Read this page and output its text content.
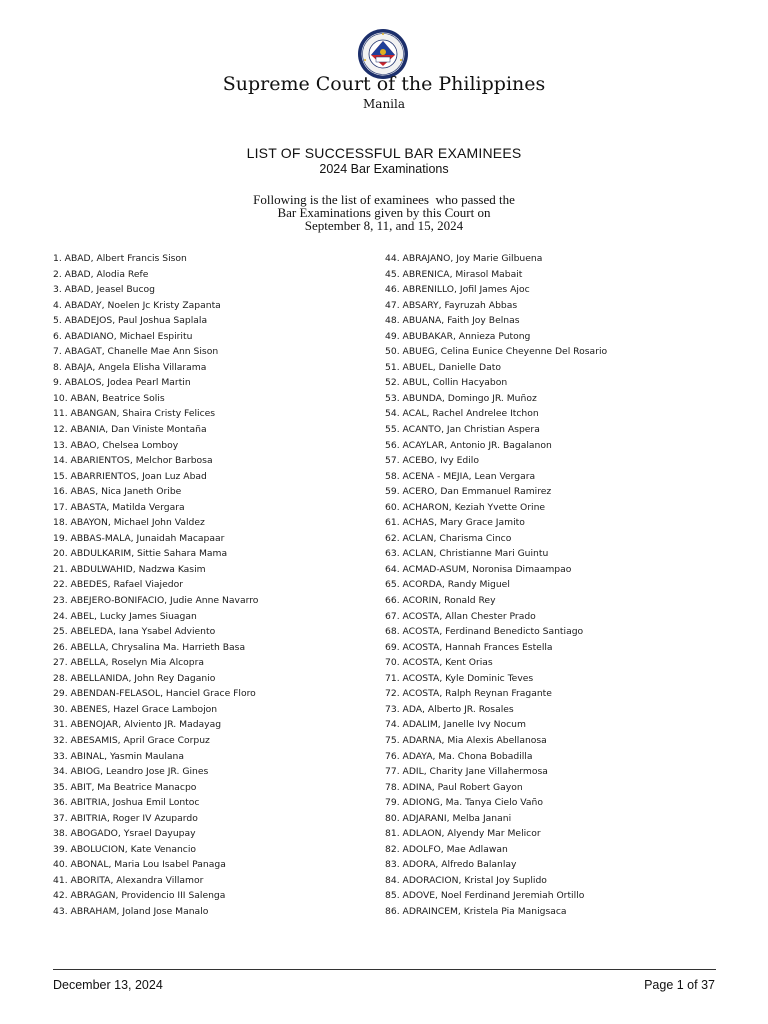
Supreme Court of the Philippines
Manila
LIST OF SUCCESSFUL BAR EXAMINEES
2024 Bar Examinations
Following is the list of examinees  who passed the
Bar Examinations given by this Court on
September 8, 11, and 15, 2024
1. ABAD, Albert Francis Sison
2. ABAD, Alodia Refe
3. ABAD, Jeasel Bucog
4. ABADAY, Noelen Jc Kristy Zapanta
5. ABADEJOS, Paul Joshua Saplala
6. ABADIANO, Michael Espiritu
7. ABAGAT, Chanelle Mae Ann Sison
8. ABAJA, Angela Elisha Villarama
9. ABALOS, Jodea Pearl Martin
10. ABAN, Beatrice Solis
11. ABANGAN, Shaira Cristy Felices
12. ABANIA, Dan Viniste Montaña
13. ABAO, Chelsea Lomboy
14. ABARIENTOS, Melchor Barbosa
15. ABARRIENTOS, Joan Luz Abad
16. ABAS, Nica Janeth Oribe
17. ABASTA, Matilda Vergara
18. ABAYON, Michael John Valdez
19. ABBAS-MALA, Junaidah Macapaar
20. ABDULKARIM, Sittie Sahara Mama
21. ABDULWAHID, Nadzwa Kasim
22. ABEDES, Rafael Viajedor
23. ABEJERO-BONIFACIO, Judie Anne Navarro
24. ABEL, Lucky James Siuagan
25. ABELEDA, Iana Ysabel Adviento
26. ABELLA, Chrysalina Ma. Harrieth Basa
27. ABELLA, Roselyn Mia Alcopra
28. ABELLANIDA, John Rey Daganio
29. ABENDAN-FELASOL, Hanciel Grace Floro
30. ABENES, Hazel Grace Lambojon
31. ABENOJAR, Alviento JR. Madayag
32. ABESAMIS, April Grace Corpuz
33. ABINAL, Yasmin Maulana
34. ABIOG, Leandro Jose JR. Gines
35. ABIT, Ma Beatrice Manacpo
36. ABITRIA, Joshua Emil Lontoc
37. ABITRIA, Roger IV Azupardo
38. ABOGADO, Ysrael Dayupay
39. ABOLUCION, Kate Venancio
40. ABONAL, Maria Lou Isabel Panaga
41. ABORITA, Alexandra Villamor
42. ABRAGAN, Providencio III Salenga
43. ABRAHAM, Joland Jose Manalo
44. ABRAJANO, Joy Marie Gilbuena
45. ABRENICA, Mirasol Mabait
46. ABRENILLO, Jofil James Ajoc
47. ABSARY, Fayruzah Abbas
48. ABUANA, Faith Joy Belnas
49. ABUBAKAR, Annieza Putong
50. ABUEG, Celina Eunice Cheyenne Del Rosario
51. ABUEL, Danielle Dato
52. ABUL, Collin Hacyabon
53. ABUNDA, Domingo JR. Muñoz
54. ACAL, Rachel Andrelee Itchon
55. ACANTO, Jan Christian Aspera
56. ACAYLAR, Antonio JR. Bagalanon
57. ACEBO, Ivy Edilo
58. ACENA - MEJIA, Lean Vergara
59. ACERO, Dan Emmanuel Ramirez
60. ACHARON, Keziah Yvette Orine
61. ACHAS, Mary Grace Jamito
62. ACLAN, Charisma Cinco
63. ACLAN, Christianne Mari Guintu
64. ACMAD-ASUM, Noronisa Dimaampao
65. ACORDA, Randy Miguel
66. ACORIN, Ronald Rey
67. ACOSTA, Allan Chester Prado
68. ACOSTA, Ferdinand Benedicto Santiago
69. ACOSTA, Hannah Frances Estella
70. ACOSTA, Kent Orias
71. ACOSTA, Kyle Dominic Teves
72. ACOSTA, Ralph Reynan Fragante
73. ADA, Alberto JR. Rosales
74. ADALIM, Janelle Ivy Nocum
75. ADARNA, Mia Alexis Abellanosa
76. ADAYA, Ma. Chona Bobadilla
77. ADIL, Charity Jane Villahermosa
78. ADINA, Paul Robert Gayon
79. ADIONG, Ma. Tanya Cielo Vaño
80. ADJARANI, Melba Janani
81. ADLAON, Alyendy Mar Melicor
82. ADOLFO, Mae Adlawan
83. ADORA, Alfredo Balanlay
84. ADORACION, Kristal Joy Suplido
85. ADOVE, Noel Ferdinand Jeremiah Ortillo
86. ADRAINCEM, Kristela Pia Manigsaca
December 13, 2024	Page 1 of 37
